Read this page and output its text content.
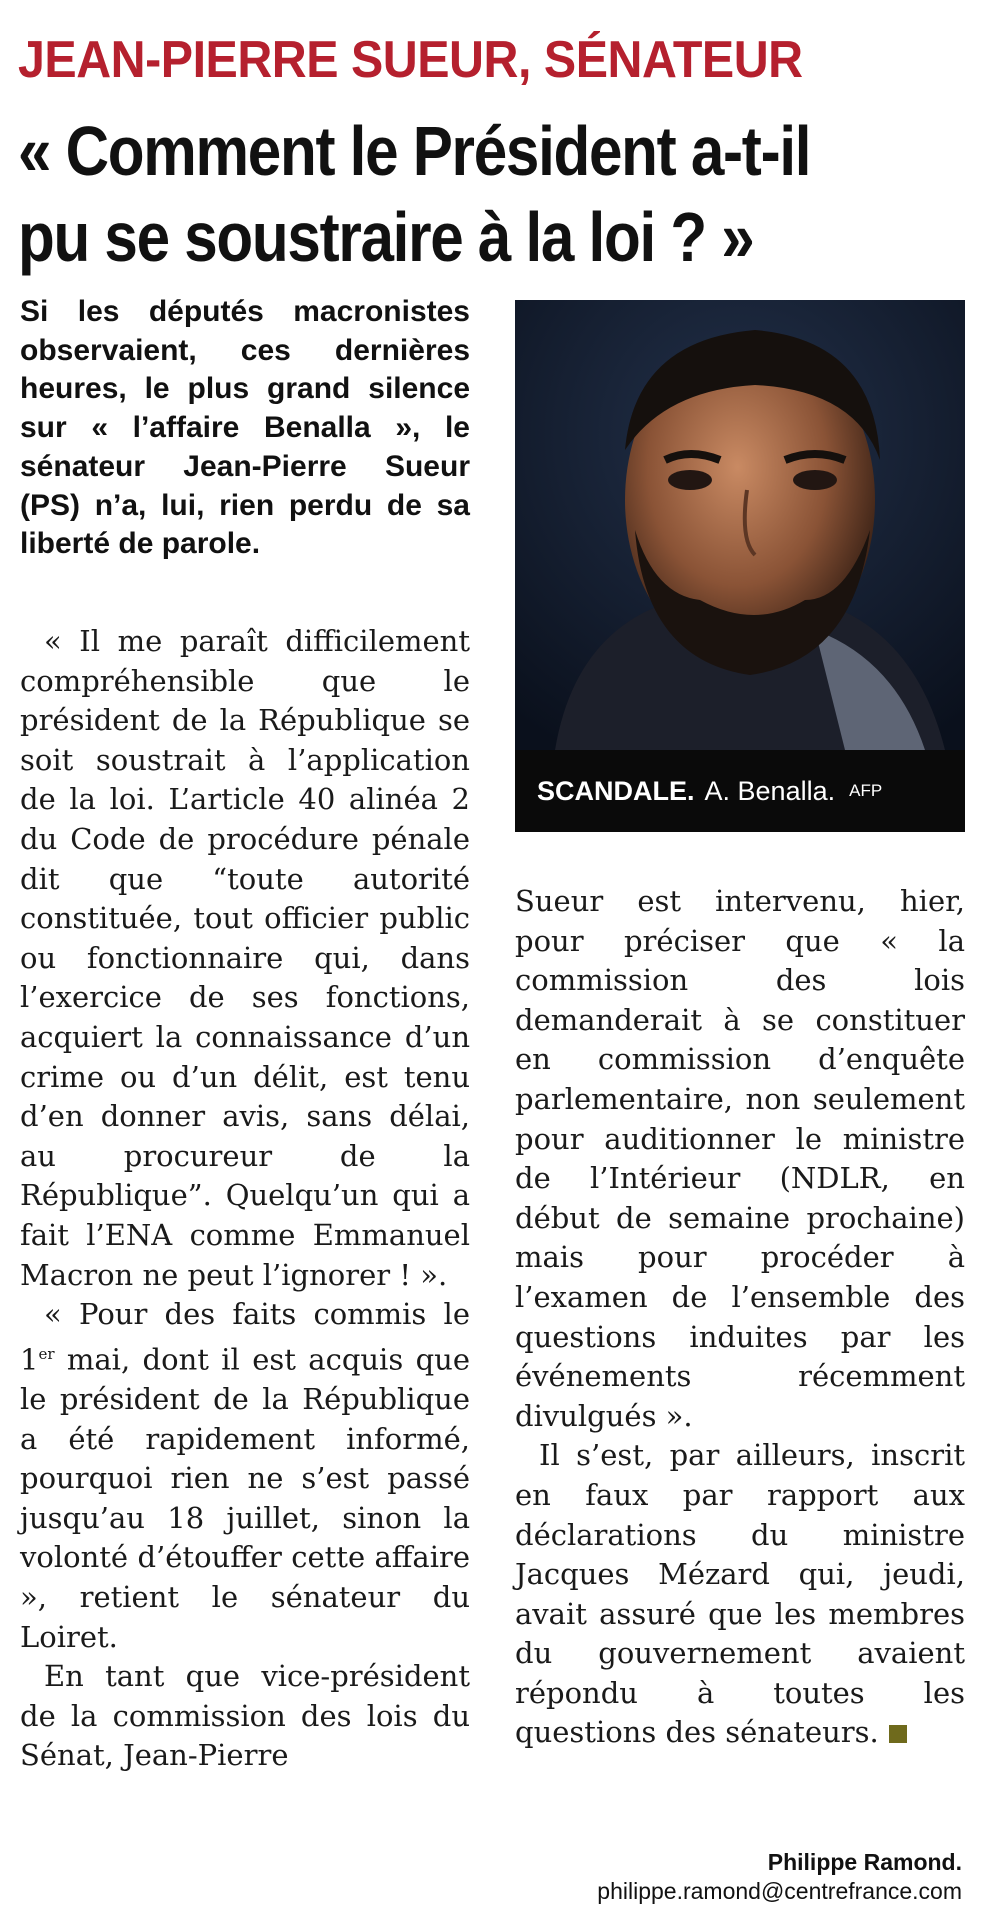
JEAN-PIERRE SUEUR, SÉNATEUR
« Comment le Président a-t-il
pu se soustraire à la loi ? »
Si les députés macronistes observaient, ces dernières heures, le plus grand silence sur « l’affaire Benalla », le sénateur Jean-Pierre Sueur (PS) n’a, lui, rien perdu de sa liberté de parole.

« Il me paraît difficilement compréhensible que le président de la République se soit soustrait à l’application de la loi. L’article 40 alinéa 2 du Code de procédure pénale dit que “toute autorité constituée, tout officier public ou fonctionnaire qui, dans l’exercice de ses fonctions, acquiert la connaissance d’un crime ou d’un délit, est tenu d’en donner avis, sans délai, au procureur de la République”. Quelqu’un qui a fait l’ENA comme Emmanuel Macron ne peut l’ignorer ! ».

« Pour des faits commis le 1er mai, dont il est acquis que le président de la République a été rapidement informé, pourquoi rien ne s’est passé jusqu’au 18 juillet, sinon la volonté d’étouffer cette affaire », retient le sénateur du Loiret.

En tant que vice-président de la commission des lois du Sénat, Jean-Pierre

SCANDALE. A. Benalla. AFP

Sueur est intervenu, hier, pour préciser que « la commission des lois demanderait à se constituer en commission d’enquête parlementaire, non seulement pour auditionner le ministre de l’Intérieur (NDLR, en début de semaine prochaine) mais pour procéder à l’examen de l’ensemble des questions induites par les événements récemment divulgués ».

Il s’est, par ailleurs, inscrit en faux par rapport aux déclarations du ministre Jacques Mézard qui, jeudi, avait assuré que les membres du gouvernement avaient répondu à toutes les questions des sénateurs.

Philippe Ramond.
philippe.ramond@centrefrance.com
